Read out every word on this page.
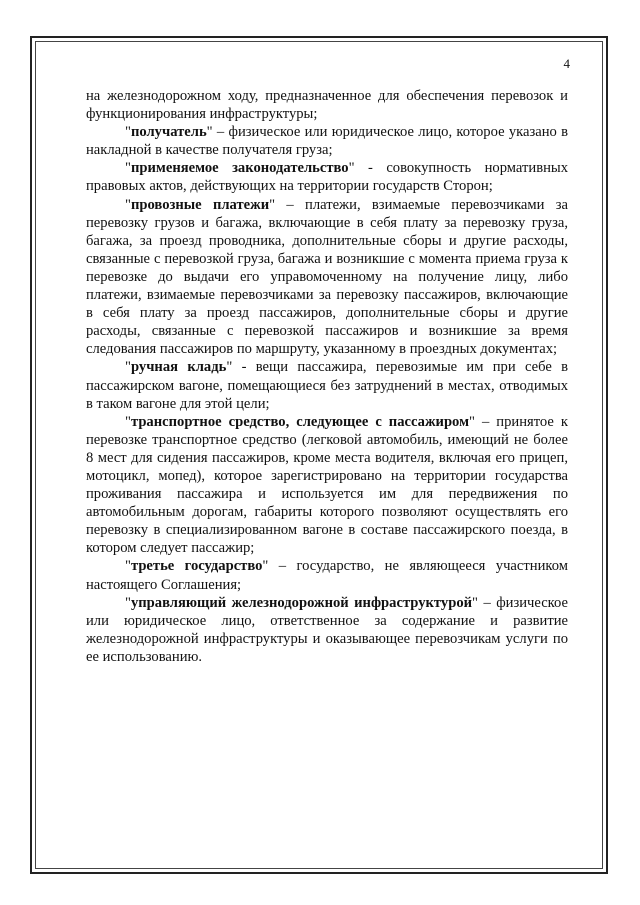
4

на железнодорожном ходу, предназначенное для обеспечения перевозок и функционирования инфраструктуры;

"получатель" – физическое или юридическое лицо, которое указано в накладной в качестве получателя груза;

"применяемое законодательство" - совокупность нормативных правовых актов, действующих на территории государств Сторон;

"провозные платежи" – платежи, взимаемые перевозчиками за перевозку грузов и багажа, включающие в себя плату за перевозку груза, багажа, за проезд проводника, дополнительные сборы и другие расходы, связанные с перевозкой груза, багажа и возникшие с момента приема груза к перевозке до выдачи его управомоченному на получение лицу, либо платежи, взимаемые перевозчиками за перевозку пассажиров, включающие в себя плату за проезд пассажиров, дополнительные сборы и другие расходы, связанные с перевозкой пассажиров и возникшие за время следования пассажиров по маршруту, указанному в проездных документах;

"ручная кладь" - вещи пассажира, перевозимые им при себе в пассажирском вагоне, помещающиеся без затруднений в местах, отводимых в таком вагоне для этой цели;

"транспортное средство, следующее с пассажиром" – принятое к перевозке транспортное средство (легковой автомобиль, имеющий не более 8 мест для сидения пассажиров, кроме места водителя, включая его прицеп, мотоцикл, мопед), которое зарегистрировано на территории государства проживания пассажира и используется им для передвижения по автомобильным дорогам, габариты которого позволяют осуществлять его перевозку в специализированном вагоне в составе пассажирского поезда, в котором следует пассажир;

"третье государство" – государство, не являющееся участником настоящего Соглашения;

"управляющий железнодорожной инфраструктурой" – физическое или юридическое лицо, ответственное за содержание и развитие железнодорожной инфраструктуры и оказывающее перевозчикам услуги по ее использованию.
